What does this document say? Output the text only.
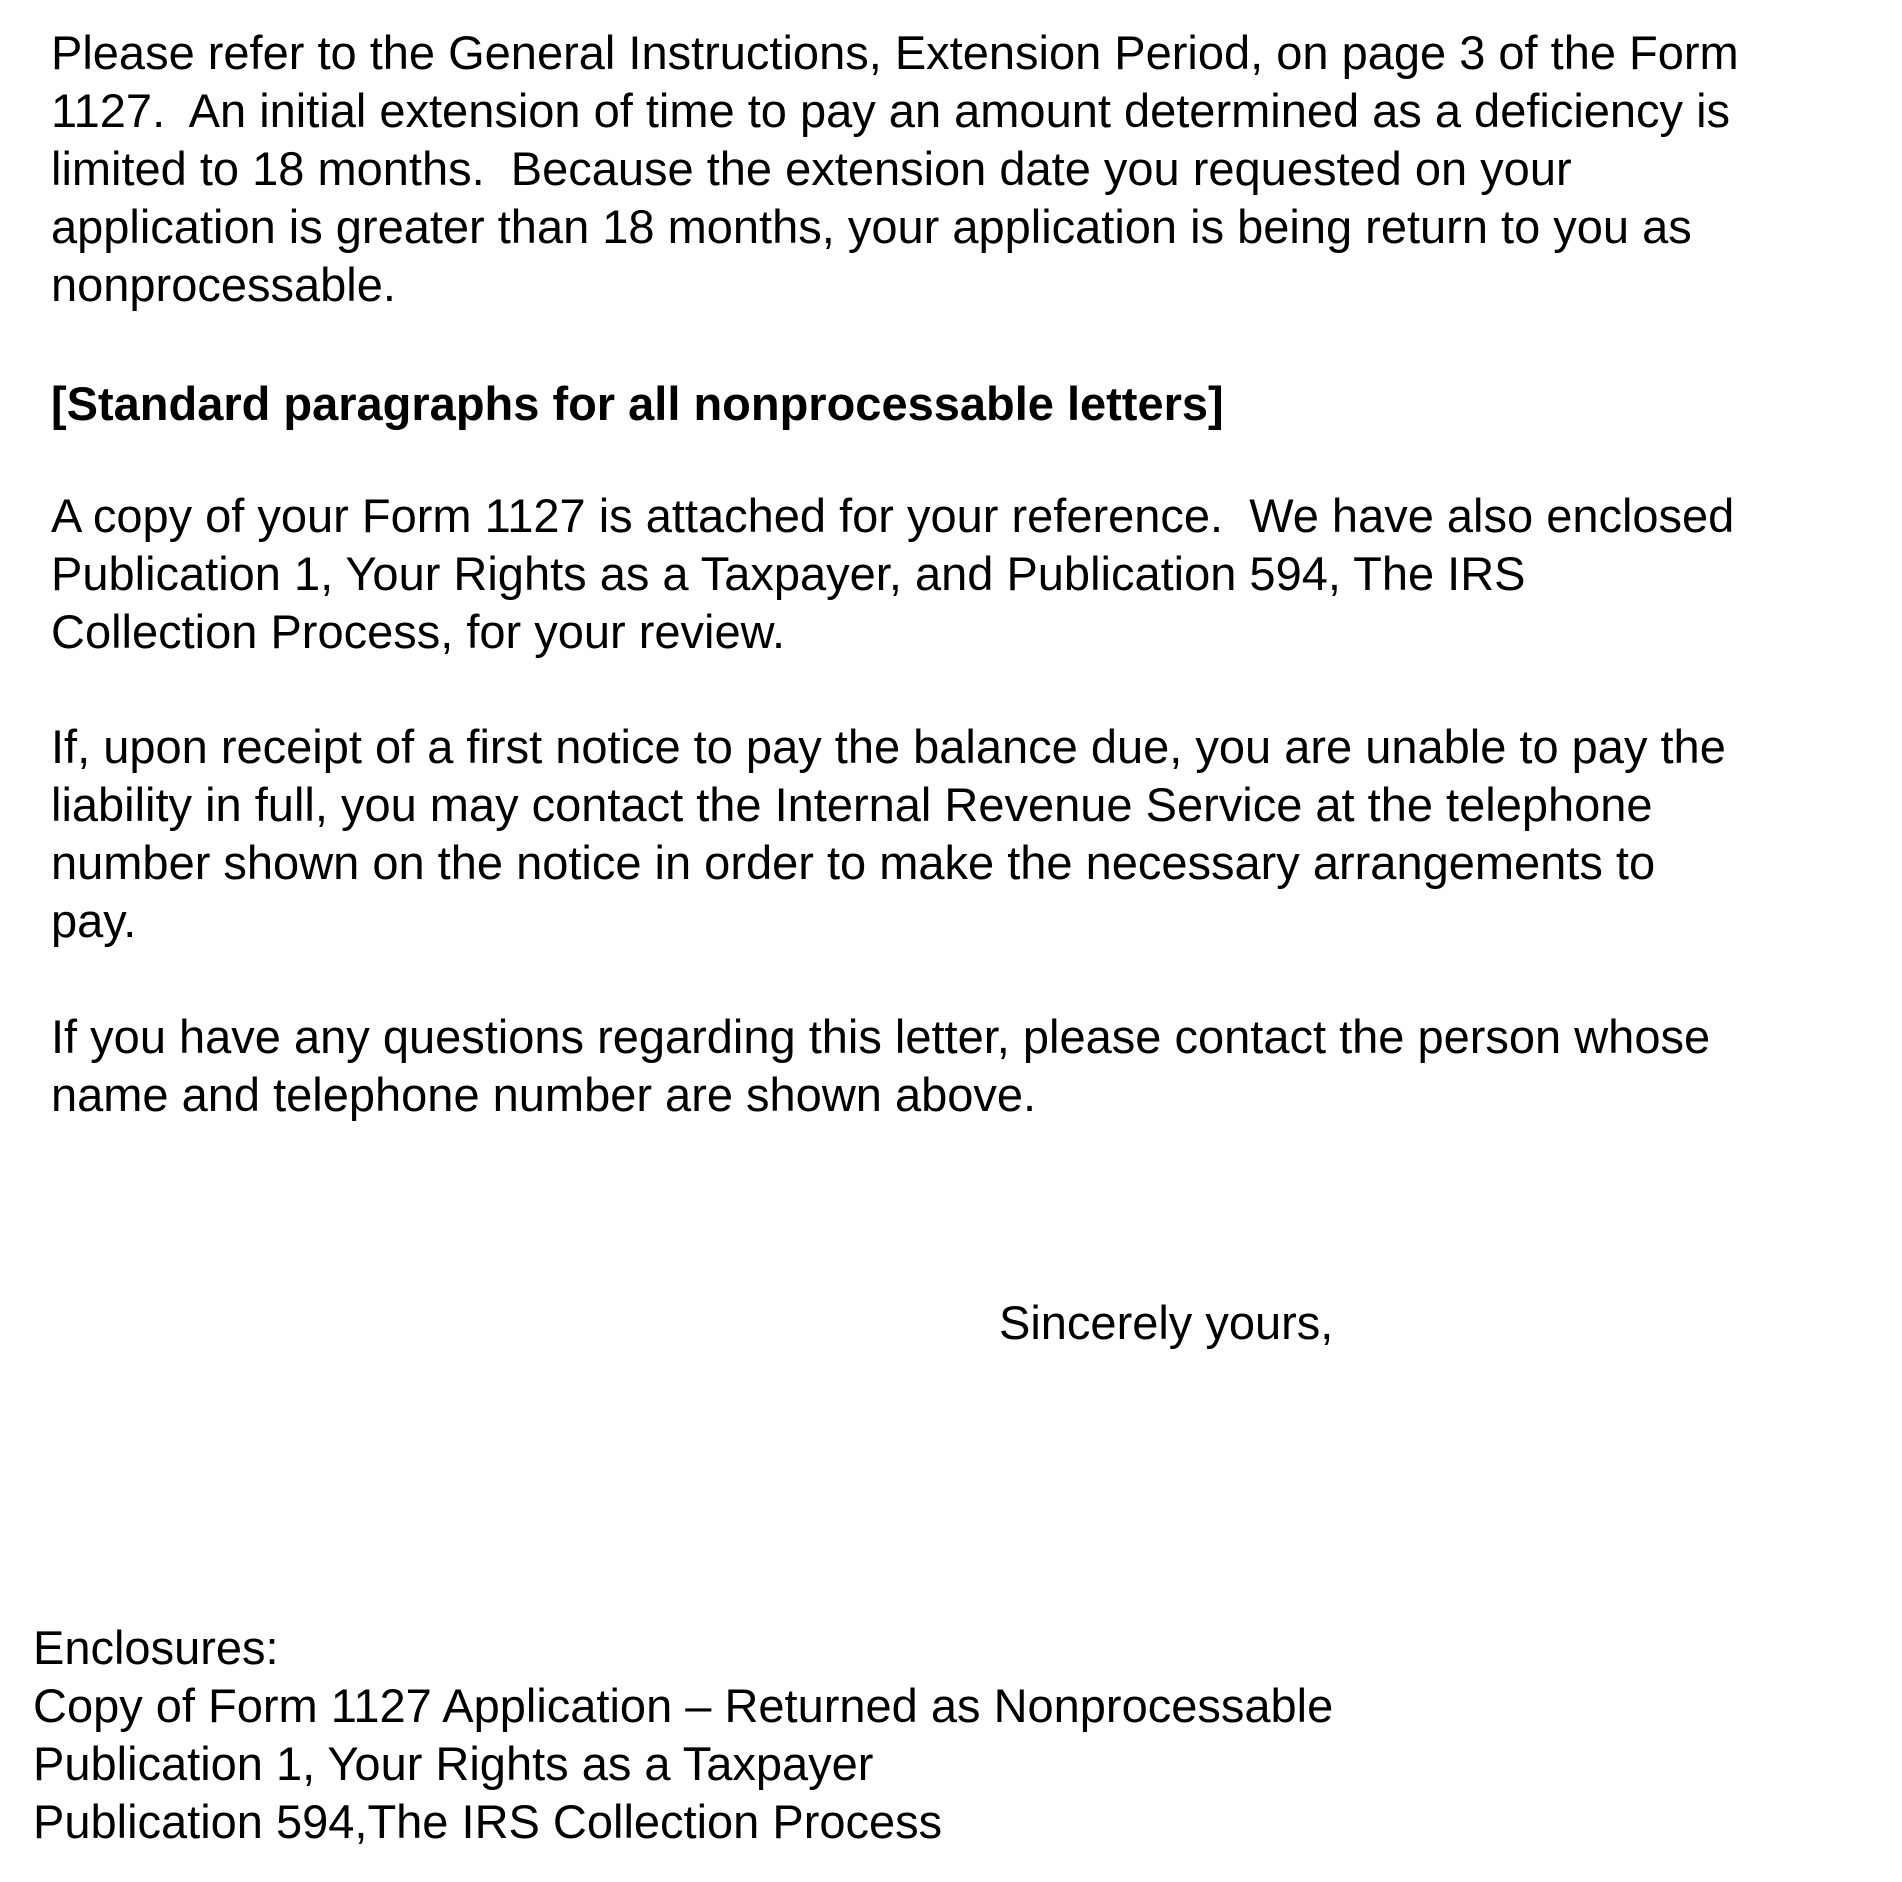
Please refer to the General Instructions, Extension Period, on page 3 of the Form
1127.  An initial extension of time to pay an amount determined as a deficiency is
limited to 18 months.  Because the extension date you requested on your
application is greater than 18 months, your application is being return to you as
nonprocessable.
[Standard paragraphs for all nonprocessable letters]
A copy of your Form 1127 is attached for your reference.  We have also enclosed
Publication 1, Your Rights as a Taxpayer, and Publication 594, The IRS
Collection Process, for your review.
If, upon receipt of a first notice to pay the balance due, you are unable to pay the
liability in full, you may contact the Internal Revenue Service at the telephone
number shown on the notice in order to make the necessary arrangements to
pay.
If you have any questions regarding this letter, please contact the person whose
name and telephone number are shown above.
Sincerely yours,
Enclosures:
Copy of Form 1127 Application – Returned as Nonprocessable
Publication 1, Your Rights as a Taxpayer
Publication 594,The IRS Collection Process
